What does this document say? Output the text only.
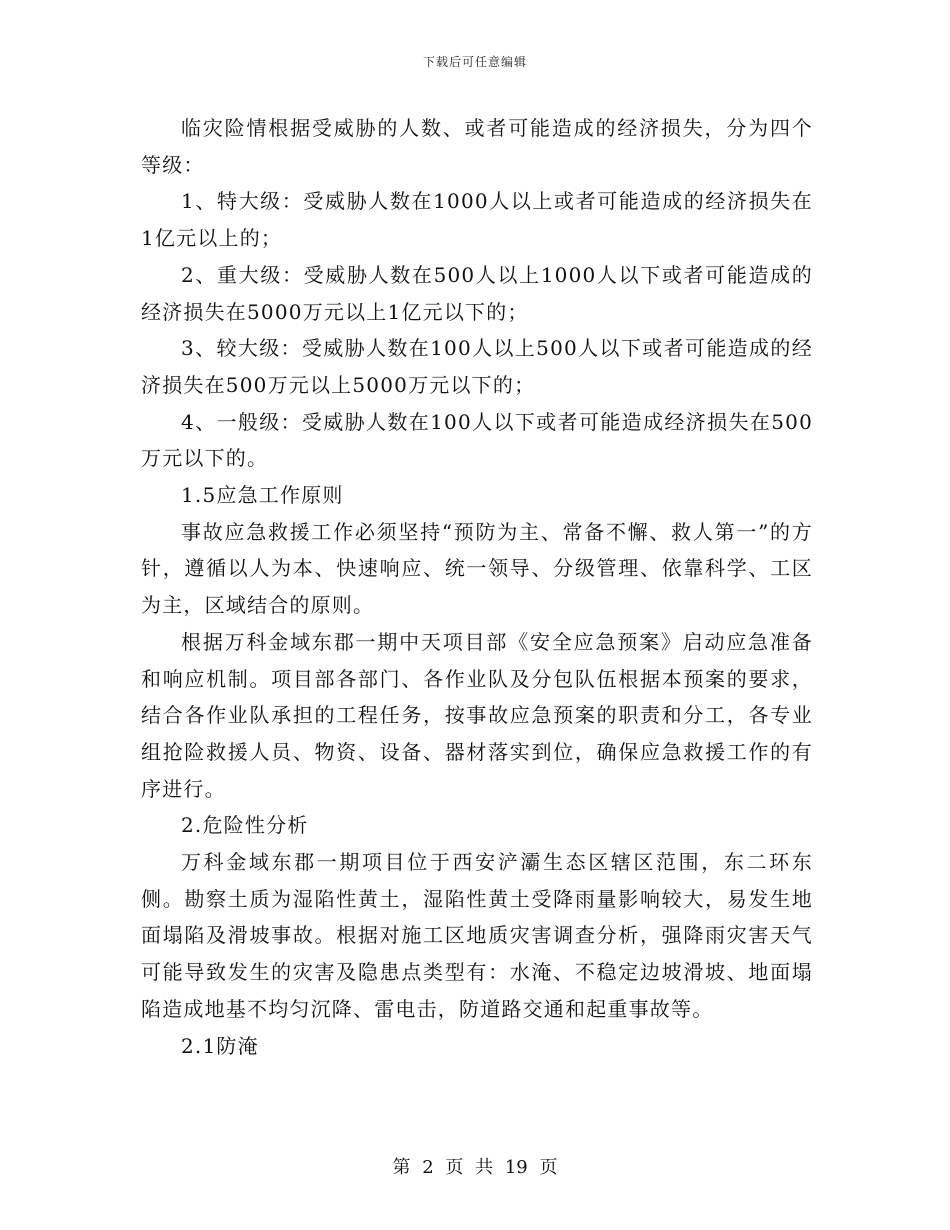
下载后可任意编辑

临灾险情根据受威胁的人数、或者可能造成的经济损失，分为四个等级：

1、特大级：受威胁人数在1000人以上或者可能造成的经济损失在1亿元以上的；

2、重大级：受威胁人数在500人以上1000人以下或者可能造成的经济损失在5000万元以上1亿元以下的；

3、较大级：受威胁人数在100人以上500人以下或者可能造成的经济损失在500万元以上5000万元以下的；

4、一般级：受威胁人数在100人以下或者可能造成经济损失在500万元以下的。

1.5应急工作原则

事故应急救援工作必须坚持“预防为主、常备不懈、救人第一”的方针，遵循以人为本、快速响应、统一领导、分级管理、依靠科学、工区为主，区域结合的原则。

根据万科金域东郡一期中天项目部《安全应急预案》启动应急准备和响应机制。项目部各部门、各作业队及分包队伍根据本预案的要求，结合各作业队承担的工程任务，按事故应急预案的职责和分工，各专业组抢险救援人员、物资、设备、器材落实到位，确保应急救援工作的有序进行。

2.危险性分析

万科金域东郡一期项目位于西安浐灞生态区辖区范围，东二环东侧。勘察土质为湿陷性黄土，湿陷性黄土受降雨量影响较大，易发生地面塌陷及滑坡事故。根据对施工区地质灾害调查分析，强降雨灾害天气可能导致发生的灾害及隐患点类型有：水淹、不稳定边坡滑坡、地面塌陷造成地基不均匀沉降、雷电击，防道路交通和起重事故等。

2.1防淹

第 2 页 共 19 页
